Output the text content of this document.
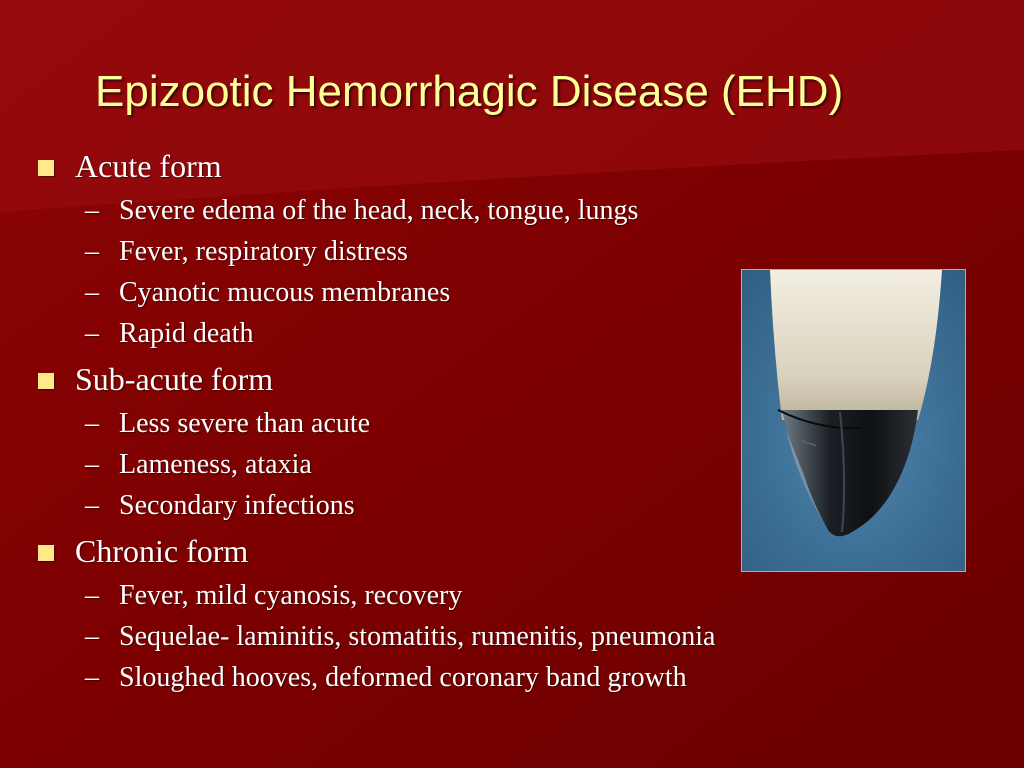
Epizootic Hemorrhagic Disease (EHD)
Acute form
– Severe edema of the head, neck, tongue, lungs
– Fever, respiratory distress
– Cyanotic mucous membranes
– Rapid death
Sub-acute form
– Less severe than acute
– Lameness, ataxia
– Secondary infections
Chronic form
– Fever, mild cyanosis, recovery
– Sequelae- laminitis, stomatitis, rumenitis, pneumonia
– Sloughed hooves, deformed coronary band growth
